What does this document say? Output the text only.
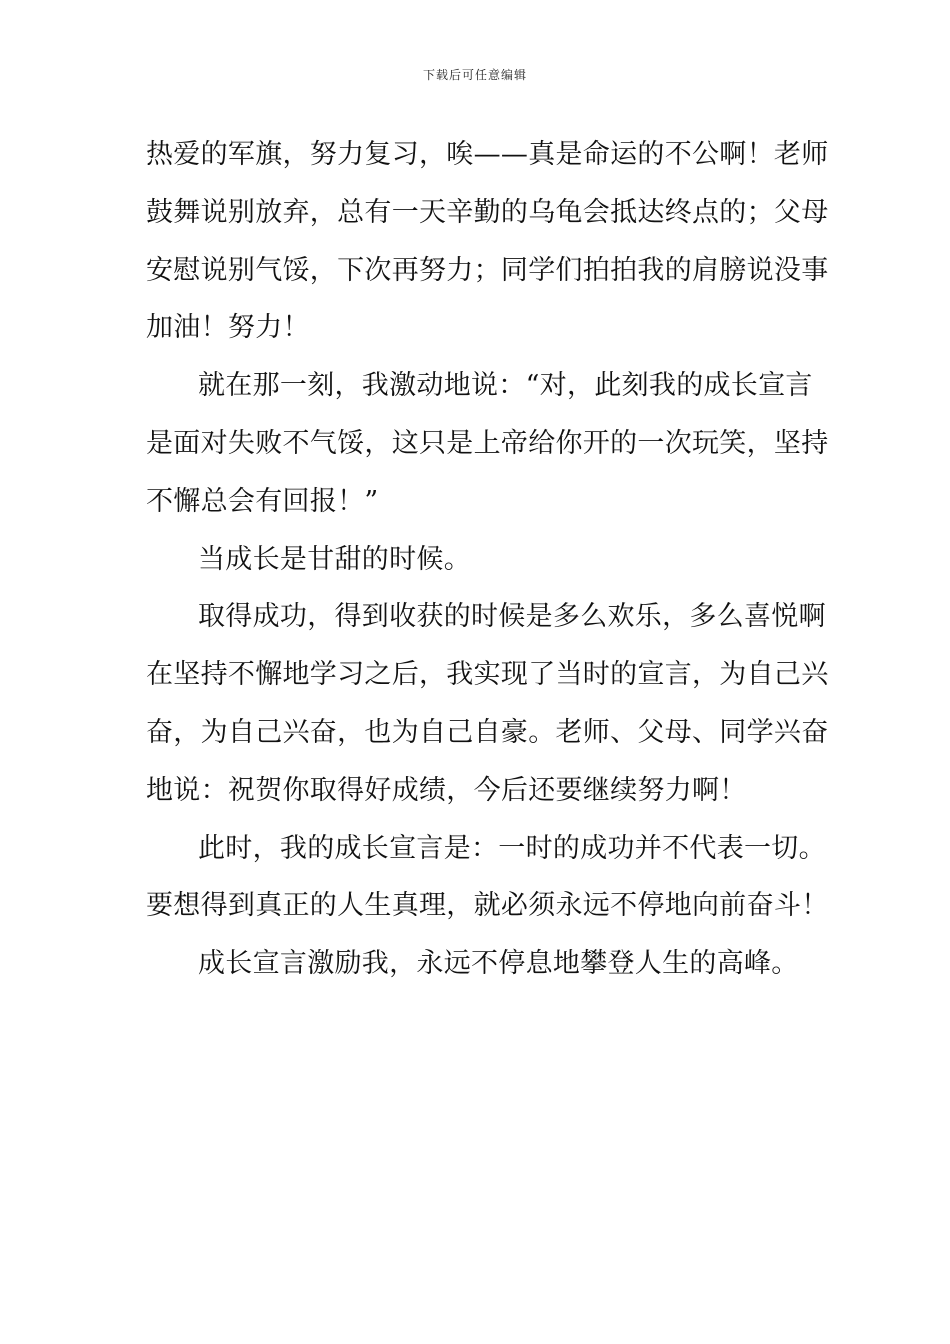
下载后可任意编辑
热爱的军旗，努力复习，唉——真是命运的不公啊！老师
鼓舞说别放弃，总有一天辛勤的乌龟会抵达终点的；父母
安慰说别气馁，下次再努力；同学们拍拍我的肩膀说没事
加油！努力！
就在那一刻，我激动地说：“对，此刻我的成长宣言
是面对失败不气馁，这只是上帝给你开的一次玩笑，坚持
不懈总会有回报！”
当成长是甘甜的时候。
取得成功，得到收获的时候是多么欢乐，多么喜悦啊
在坚持不懈地学习之后，我实现了当时的宣言，为自己兴
奋，为自己兴奋，也为自己自豪。老师、父母、同学兴奋
地说：祝贺你取得好成绩，今后还要继续努力啊！
此时，我的成长宣言是：一时的成功并不代表一切。
要想得到真正的人生真理，就必须永远不停地向前奋斗！
成长宣言激励我，永远不停息地攀登人生的高峰。
